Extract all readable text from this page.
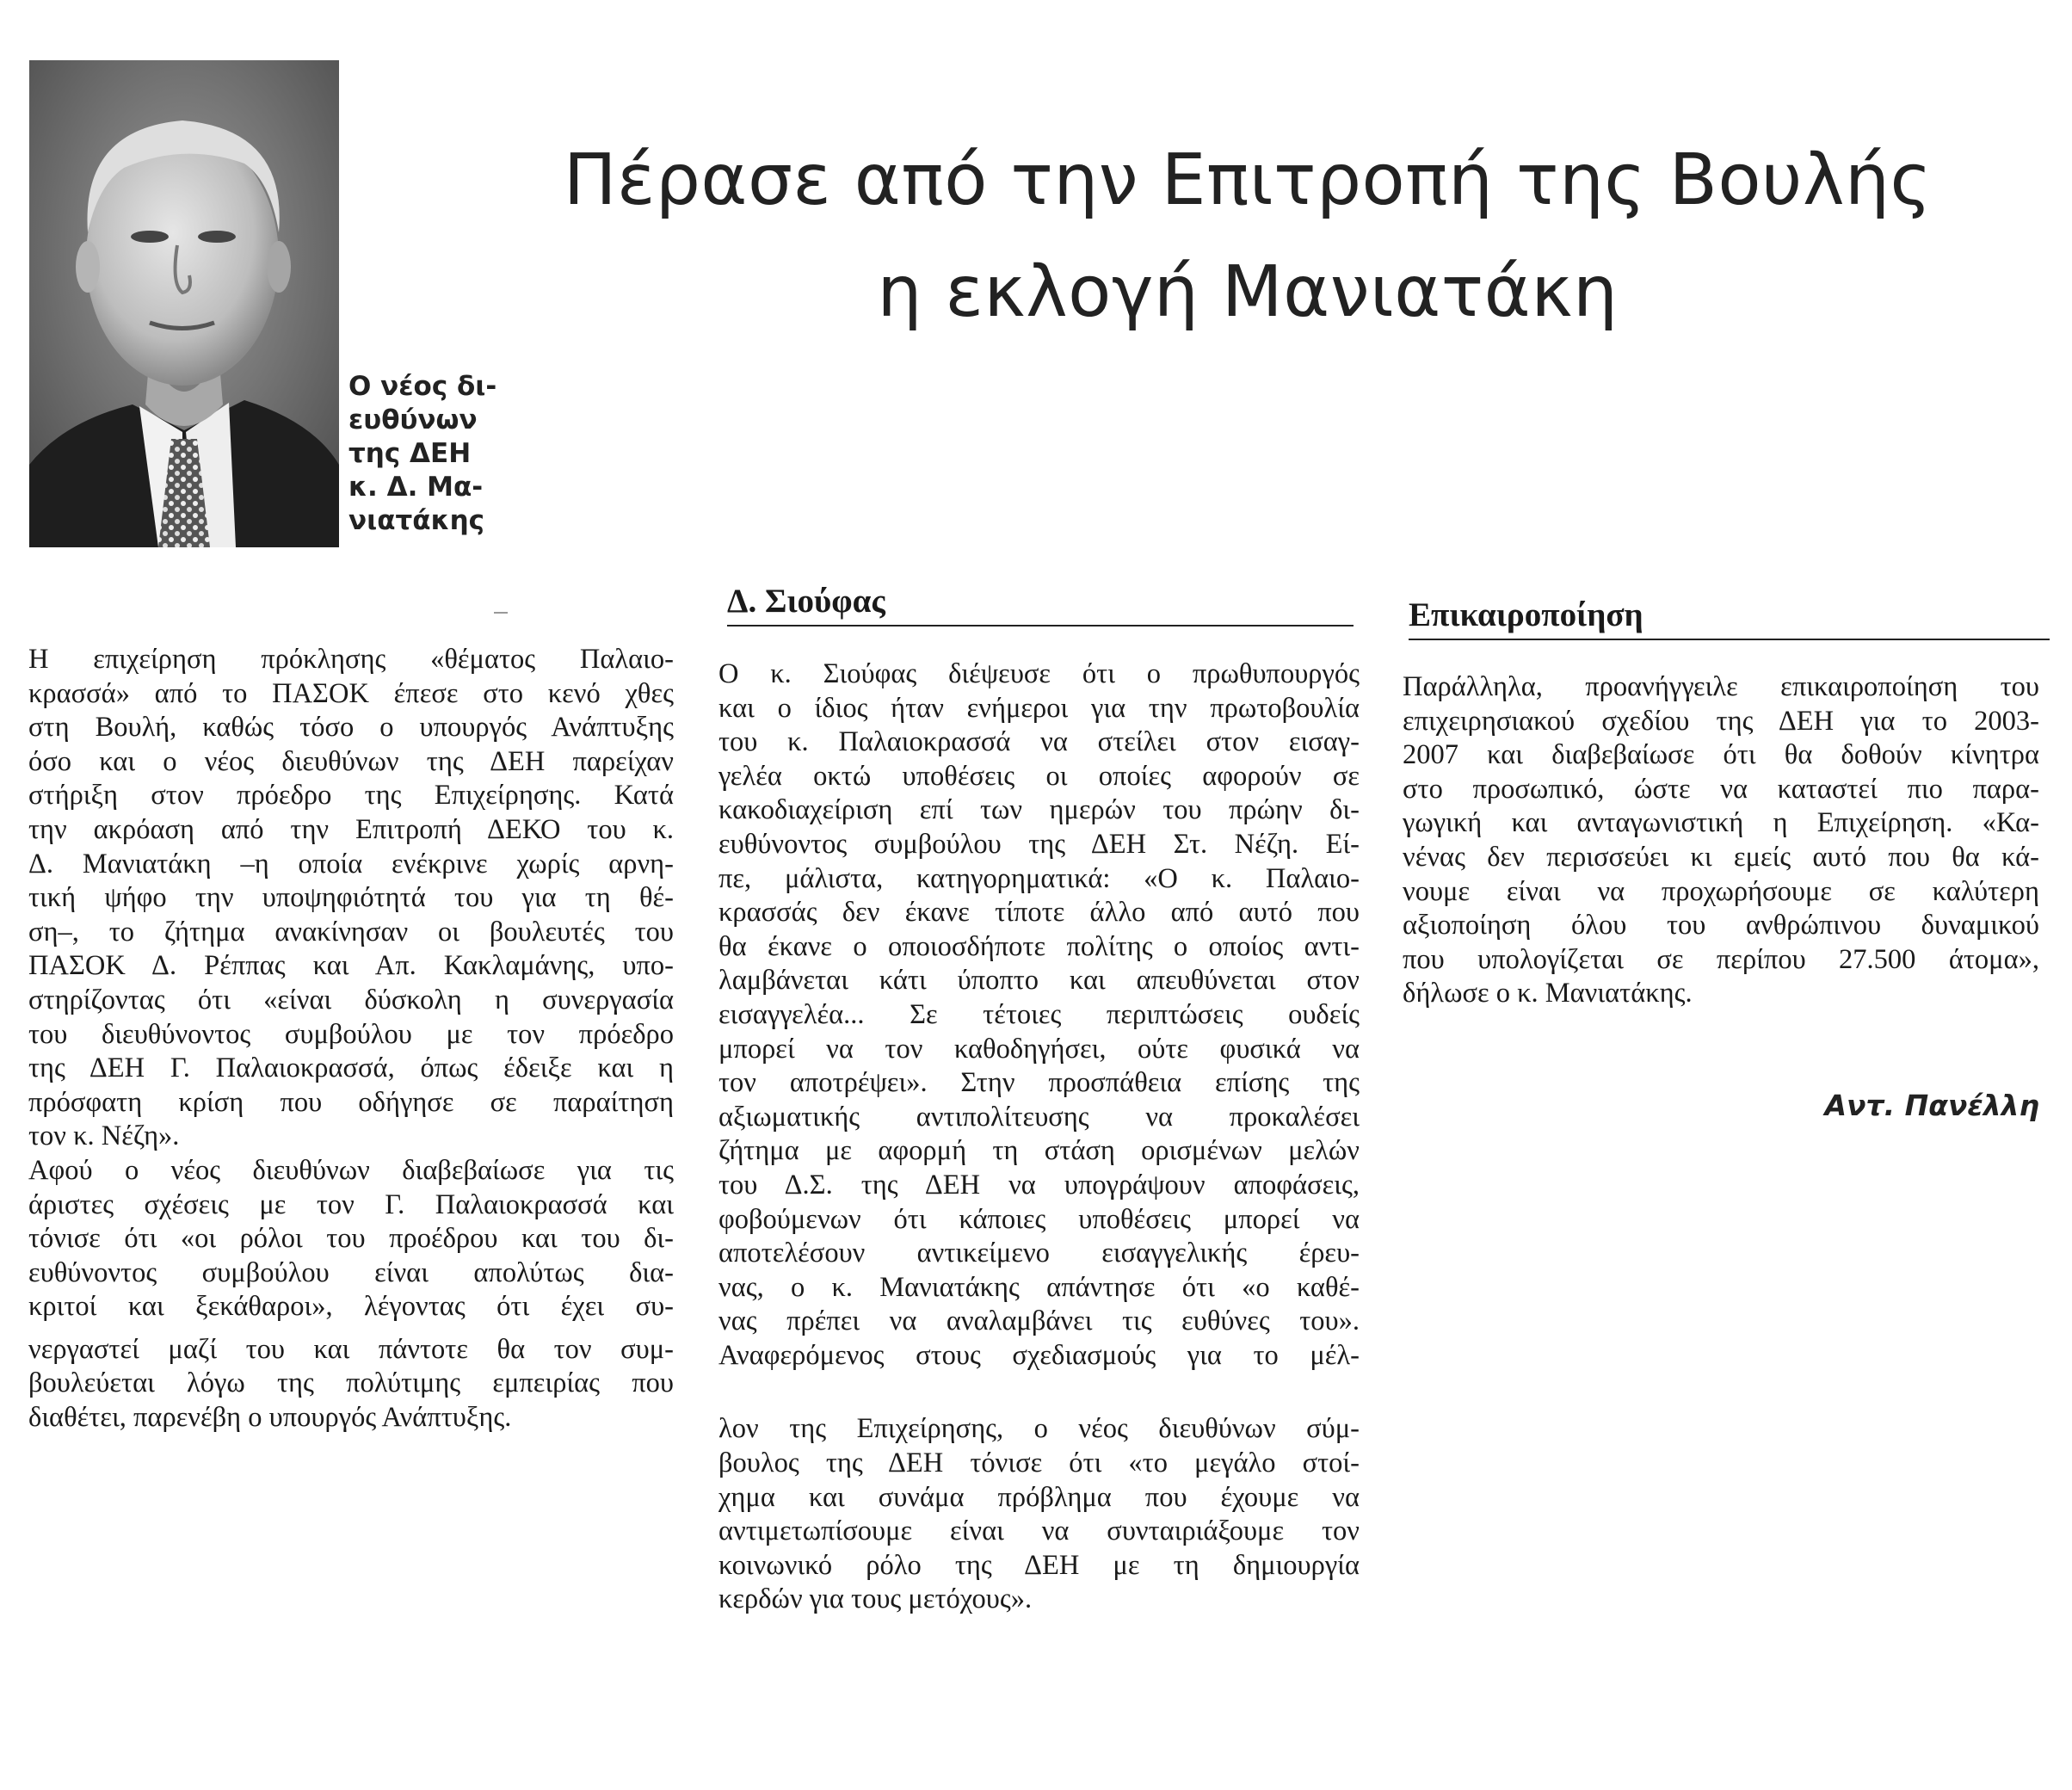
Ο νέος δι-
ευθύνων
της ΔΕΗ
κ. Δ. Μα-
νιατάκης
Πέρασε από την Επιτροπή της Βουλής
η εκλογή Μανιατάκη
Η επιχείρηση πρόκλησης «θέματος Παλαιο-
κρασσά» από το ΠΑΣΟΚ έπεσε στο κενό χθες
στη Βουλή, καθώς τόσο ο υπουργός Ανάπτυξης
όσο και ο νέος διευθύνων της ΔΕΗ παρείχαν
στήριξη στον πρόεδρο της Επιχείρησης. Κατά
την ακρόαση από την Επιτροπή ΔΕΚΟ του κ.
Δ. Μανιατάκη –η οποία ενέκρινε χωρίς αρνη-
τική ψήφο την υποψηφιότητά του για τη θέ-
ση–, το ζήτημα ανακίνησαν οι βουλευτές του
ΠΑΣΟΚ Δ. Ρέππας και Απ. Κακλαμάνης, υπο-
στηρίζοντας ότι «είναι δύσκολη η συνεργασία
του διευθύνοντος συμβούλου με τον πρόεδρο
της ΔΕΗ Γ. Παλαιοκρασσά, όπως έδειξε και η
πρόσφατη κρίση που οδήγησε σε παραίτηση
τον κ. Νέζη».
Αφού ο νέος διευθύνων διαβεβαίωσε για τις
άριστες σχέσεις με τον Γ. Παλαιοκρασσά και
τόνισε ότι «οι ρόλοι του προέδρου και του δι-
ευθύνοντος συμβούλου είναι απολύτως δια-
κριτοί και ξεκάθαροι», λέγοντας ότι έχει συ-
νεργαστεί μαζί του και πάντοτε θα τον συμ-
βουλεύεται λόγω της πολύτιμης εμπειρίας που
διαθέτει, παρενέβη ο υπουργός Ανάπτυξης.
Δ. Σιούφας
Ο κ. Σιούφας διέψευσε ότι ο πρωθυπουργός
και ο ίδιος ήταν ενήμεροι για την πρωτοβουλία
του κ. Παλαιοκρασσά να στείλει στον εισαγ-
γελέα οκτώ υποθέσεις οι οποίες αφορούν σε
κακοδιαχείριση επί των ημερών του πρώην δι-
ευθύνοντος συμβούλου της ΔΕΗ Στ. Νέζη. Εί-
πε, μάλιστα, κατηγορηματικά: «Ο κ. Παλαιο-
κρασσάς δεν έκανε τίποτε άλλο από αυτό που
θα έκανε ο οποιοσδήποτε πολίτης ο οποίος αντι-
λαμβάνεται κάτι ύποπτο και απευθύνεται στον
εισαγγελέα... Σε τέτοιες περιπτώσεις ουδείς
μπορεί να τον καθοδηγήσει, ούτε φυσικά να
τον αποτρέψει». Στην προσπάθεια επίσης της
αξιωματικής αντιπολίτευσης να προκαλέσει
ζήτημα με αφορμή τη στάση ορισμένων μελών
του Δ.Σ. της ΔΕΗ να υπογράψουν αποφάσεις,
φοβούμενων ότι κάποιες υποθέσεις μπορεί να
αποτελέσουν αντικείμενο εισαγγελικής έρευ-
νας, ο κ. Μανιατάκης απάντησε ότι «ο καθέ-
νας πρέπει να αναλαμβάνει τις ευθύνες του».
Αναφερόμενος στους σχεδιασμούς για το μέλ-
λον της Επιχείρησης, ο νέος διευθύνων σύμ-
βουλος της ΔΕΗ τόνισε ότι «το μεγάλο στοί-
χημα και συνάμα πρόβλημα που έχουμε να
αντιμετωπίσουμε είναι να συνταιριάξουμε τον
κοινωνικό ρόλο της ΔΕΗ με τη δημιουργία
κερδών για τους μετόχους».
Επικαιροποίηση
Παράλληλα, προανήγγειλε επικαιροποίηση του
επιχειρησιακού σχεδίου της ΔΕΗ για το 2003-
2007 και διαβεβαίωσε ότι θα δοθούν κίνητρα
στο προσωπικό, ώστε να καταστεί πιο παρα-
γωγική και ανταγωνιστική η Επιχείρηση. «Κα-
νένας δεν περισσεύει κι εμείς αυτό που θα κά-
νουμε είναι να προχωρήσουμε σε καλύτερη
αξιοποίηση όλου του ανθρώπινου δυναμικού
που υπολογίζεται σε περίπου 27.500 άτομα»,
δήλωσε ο κ. Μανιατάκης.
Αντ. Πανέλλη
